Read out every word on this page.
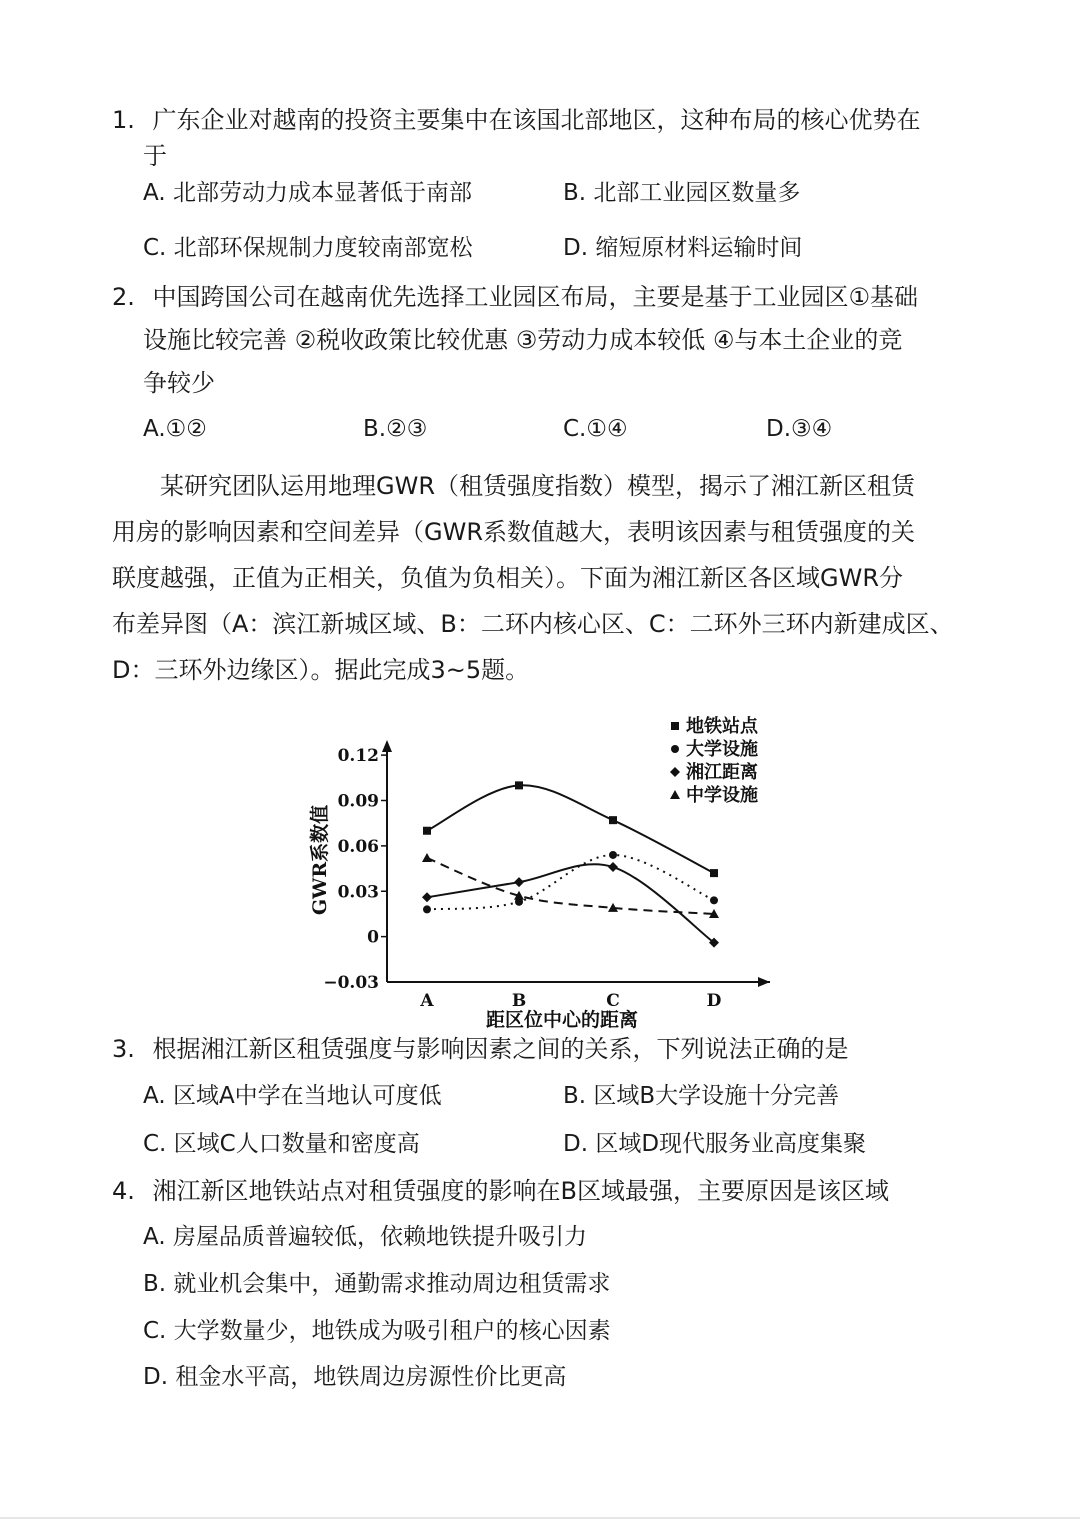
1. 广东企业对越南的投资主要集中在该国北部地区，这种布局的核心优势在
于
A. 北部劳动力成本显著低于南部	B. 北部工业园区数量多
C. 北部环保规制力度较南部宽松	D. 缩短原材料运输时间
2. 中国跨国公司在越南优先选择工业园区布局，主要是基于工业园区①基础
设施比较完善 ②税收政策比较优惠 ③劳动力成本较低 ④与本土企业的竞
争较少
A.①②	B.②③	C.①④	D.③④
某研究团队运用地理GWR（租赁强度指数）模型，揭示了湘江新区租赁
用房的影响因素和空间差异（GWR系数值越大，表明该因素与租赁强度的关
联度越强，正值为正相关，负值为负相关）。下面为湘江新区各区域GWR分
布差异图（A：滨江新城区域、B：二环内核心区、C：二环外三环内新建成区、
D：三环外边缘区）。据此完成3~5题。
0.12
0.09
0.06
0.03
0
−0.03
A	B	C	D
地铁站点
大学设施
湘江距离
中学设施
GWR系数值
距区位中心的距离
3. 根据湘江新区租赁强度与影响因素之间的关系，下列说法正确的是
A. 区域A中学在当地认可度低	B. 区域B大学设施十分完善
C. 区域C人口数量和密度高	D. 区域D现代服务业高度集聚
4. 湘江新区地铁站点对租赁强度的影响在B区域最强，主要原因是该区域
A. 房屋品质普遍较低，依赖地铁提升吸引力
B. 就业机会集中，通勤需求推动周边租赁需求
C. 大学数量少，地铁成为吸引租户的核心因素
D. 租金水平高，地铁周边房源性价比更高
